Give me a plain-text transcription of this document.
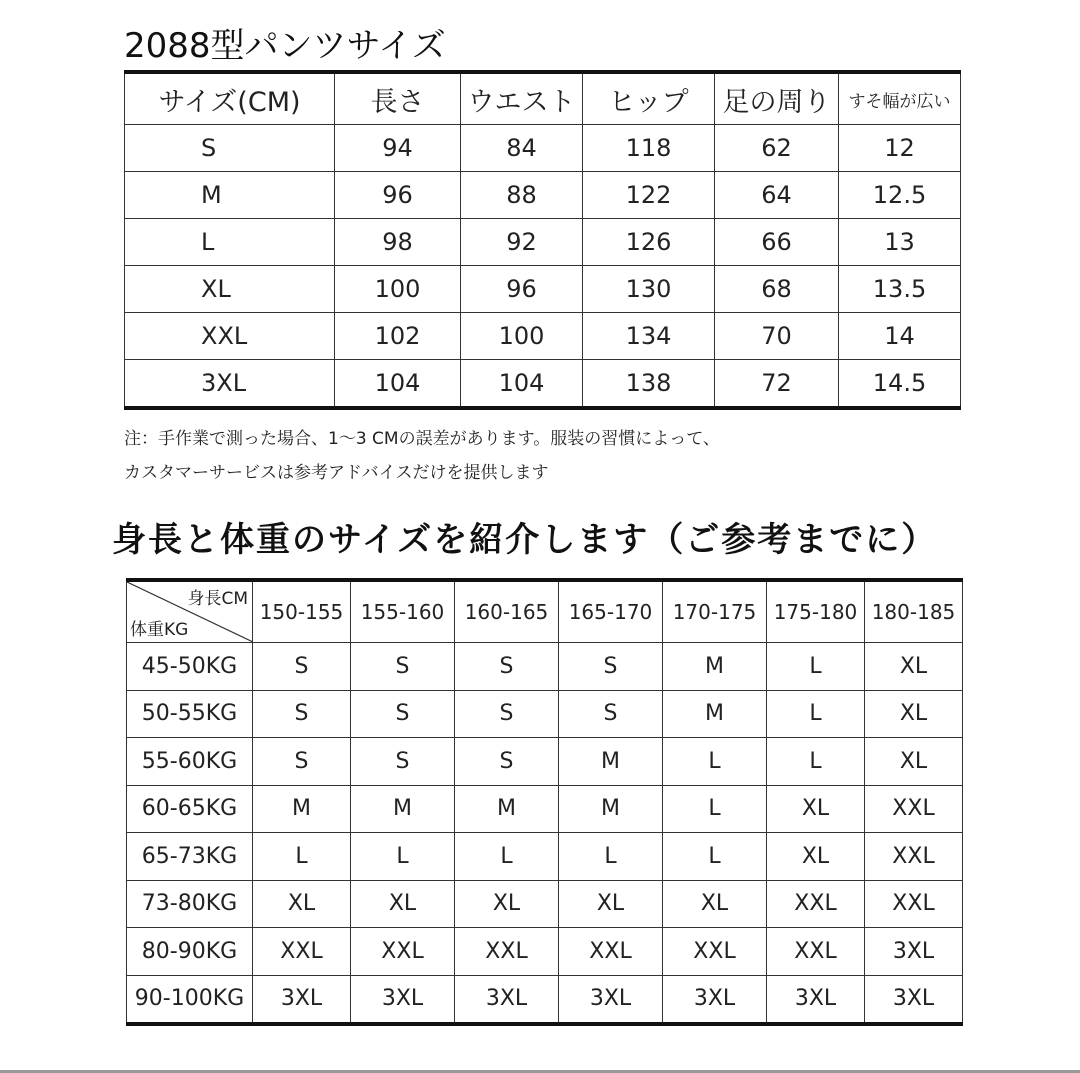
2088型パンツサイズ
サイズ(CM)	長さ	ウエスト	ヒップ	足の周り	すそ幅が広い
S	94	84	118	62	12
M	96	88	122	64	12.5
L	98	92	126	66	13
XL	100	96	130	68	13.5
XXL	102	100	134	70	14
3XL	104	104	138	72	14.5
注：手作業で測った場合、1～3 CMの誤差があります。服装の習慣によって、
カスタマーサービスは参考アドバイスだけを提供します
身長と体重のサイズを紹介します（ご参考までに）
身長CM
体重KG	150-155	155-160	160-165	165-170	170-175	175-180	180-185
45-50KG	S	S	S	S	M	L	XL
50-55KG	S	S	S	S	M	L	XL
55-60KG	S	S	S	M	L	L	XL
60-65KG	M	M	M	M	L	XL	XXL
65-73KG	L	L	L	L	L	XL	XXL
73-80KG	XL	XL	XL	XL	XL	XXL	XXL
80-90KG	XXL	XXL	XXL	XXL	XXL	XXL	3XL
90-100KG	3XL	3XL	3XL	3XL	3XL	3XL	3XL
